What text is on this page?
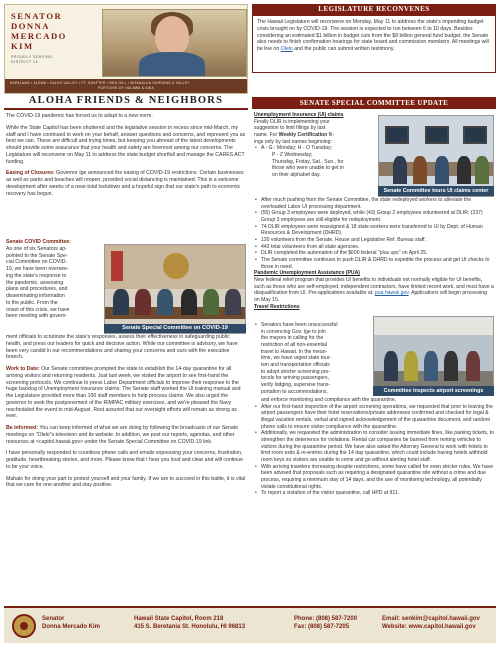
SENATOR
DONNA
MERCADO
KIM
PROUDLY SERVING
DISTRICT 14
KAPALAMA • ALEWA • KALIHI VALLEY • FT. SHAFTER • RED HILL • MOANALUA GARDENS & VALLEY
PORTIONS OF HALAWA & AIEA
ALOHA FRIENDS & NEIGHBORS

The COVID-19 pandemic has forced us to adapt to a new norm.

While the State Capitol has been shuttered and the legislative session in recess since mid-March, my staff and I have continued to work on your behalf, answer questions and concerns, and represent you as best we can. These are difficult and trying times, but keeping you abreast of the latest developments should provide some assurance that your health and safety are foremost among our concerns. The Legislature will reconvene on May 11 to address the state budget shortfall and manage the CARES ACT funding.

Easing of Closures: Governor Ige announced the easing of COVID-19 restrictions. Certain businesses as well as parks and beaches will reopen, provided social distancing is maintained. This is a welcome development after weeks of a near-total lockdown and a hopeful sign that our state's path to economic recovery has begun.

Senate COVID Committee:
As one of six Senators ap-
pointed to the Senate Spe-
cial Committee on COVID-
19, we have been oversee-
ing the state's response to
the pandemic, assessing
plans and procedures, and
disseminating information
to the public. From the
onset of this crisis, we have
been meeting with govern-
Senate Special Committee on COVID-19

ment officials to scrutinize the state's responses, assess their effectiveness in safeguarding public health, and press our leaders for quick and decisive action. While our committee is advisory, we have been very candid in our recommendations and sharing your concerns and ours with the executive branch.

Work to Date: Our Senate committee prompted the state to establish the 14-day quarantine for all arriving visitors and returning residents. Just last week, we visited the airport to see first-hand the screening protocols. We continue to press Labor Department officials to improve their response to the huge backlog of Unemployment Insurance claims. The Senate staff worked the UI training manual and the Legislature provided more than 100 staff members to help process claims. We also urged the governor to seek the postponement of the RIMPAC military exercises, and we're pleased the Navy rescheduled the event to mid-August. Rest assured that our oversight efforts will remain as strong as ever.

Be informed: You can keep informed of what we are doing by following the broadcasts of our Senate meetings on "Olelo"s television and its website. In addition, we post our reports, agendas, and other resources at <capitol.hawaii.gov> under the Senate Special Committee on COVID-19 link.

I have personally responded to countless phone calls and emails expressing your concerns, frustration, gratitude, heartbreaking stories, and more. Please know that I hear you loud and clear and will continue to be your voice.

Mahalo for doing your part to protect yourself and your family. If we are to succeed in this battle, it is vital that we care for one another and stay positive.

LEGISLATURE RECONVENES
The Hawaii Legislature will reconvene on Monday, May 11 to address the state's impending budget crisis brought on by COVID-19. The session is expected to run between 6 to 10 days. Besides considering an estimated $1 billion in budget cuts from the $8 billion general fund budget, the Senate also needs to finish confirmation hearings for state board and commission members. All meetings will be live on Olelo and the public can submit written testimony.
SENATE SPECIAL COMMITTEE UPDATE
Unemployment Insurance (UI) claims
Finally DLIR is implementing your
suggestion to limit filings by last
name. For Weekly Certification fil-
ings only by last names beginning:
• A - G : Monday; H - O Tuesday;
P - Z Wednesday;
Thursday, Friday, Sat., Sun., for
those who were unable to get in
on their alphabet day.
Senate Committee tours UI claims center
• After much pushing from the Senate Committee, the state redeployed workers to alleviate the overloaded Labor UI processing department.
• (55) Group 3 employees were deployed, while (43) Group 2 employees volunteered at DLIR. (237) Group 3 employees are still eligible for redeployment.
• 74 DLIR employees were reassigned & 18 state workers were transferred to UI by Dept. of Human Resources & Development (DHRD).
• 120 volunteers from the Senate, House and Legislative Ref. Bureau staff.
• 443 total volunteers from all state agencies.
• DLIR completed the automation of the $600 federal "plus ups" on April 25.
• The Senate committee continues to push DLIR & DHRD to expedite the process and get UI checks to those in need.
Pandemic Unemployment Assistance (PUA)
New federal relief program that provides UI benefits to individuals not normally eligible for UI benefits, such as those who are self-employed, independent contractors, have limited recent work, and must have a disqualification from UI. Pre-applications available at: pua.hawaii.gov. Applications will begin processing on May 15.
Travel Restrictions
• Senators have been unsuccessful
in convincing Gov. Ige to join
the mayors in calling for the
restriction of all non-essential
travel to Hawaii. In the mean-
time, we have urged state tour-
ism and transportation officials
to adopt stricter screening pro-
tocols for arriving passengers,
verify lodging, supervise trans-
portation to accommodations,	Committee inspects airport screenings
and enforce monitoring and compliance with the quarantine.
• After our first-hand inspection of the airport screening operations, we requested that prior to leaving the airport passengers have their hotel reservations/private addresses confirmed and checked for legal & illegal vacation rentals, verbal and signed acknowledgement of the quarantine document, and random phone calls to ensure visitor compliance with the quarantine.
• Additionally, we requested the administration to consider issuing immediate fines, like parking tickets, to strengthen the deterrence for violations. Rental car companies be banned from renting vehicles to visitors during the quarantine period. We have also asked the Attorney General to work with hotels to limit room exits & re-entries during the 14 day quarantine, which could include having hotels withhold room keys so visitors are unable to come and go without alerting hotel staff.
• With arriving travelers increasing despite restrictions, some have called for even stricter rules. We have been advised that proposals such as requiring a designated quarantine site without a crime and due process, requiring a minimum stay of 14 days, and the use of monitoring technology, all potentially violate constitutional rights.
• To report a violation of the visitor quarantine, call HPD at 911.
Senator
Donna Mercado Kim
Hawaii State Capitol, Room 218
415 S. Beretania St. Honolulu, HI 96813
Phone: (808) 587-7200
Fax: (808) 587-7205
Email: senkim@capitol.hawaii.gov
Website: www.capitol.hawaii.gov
